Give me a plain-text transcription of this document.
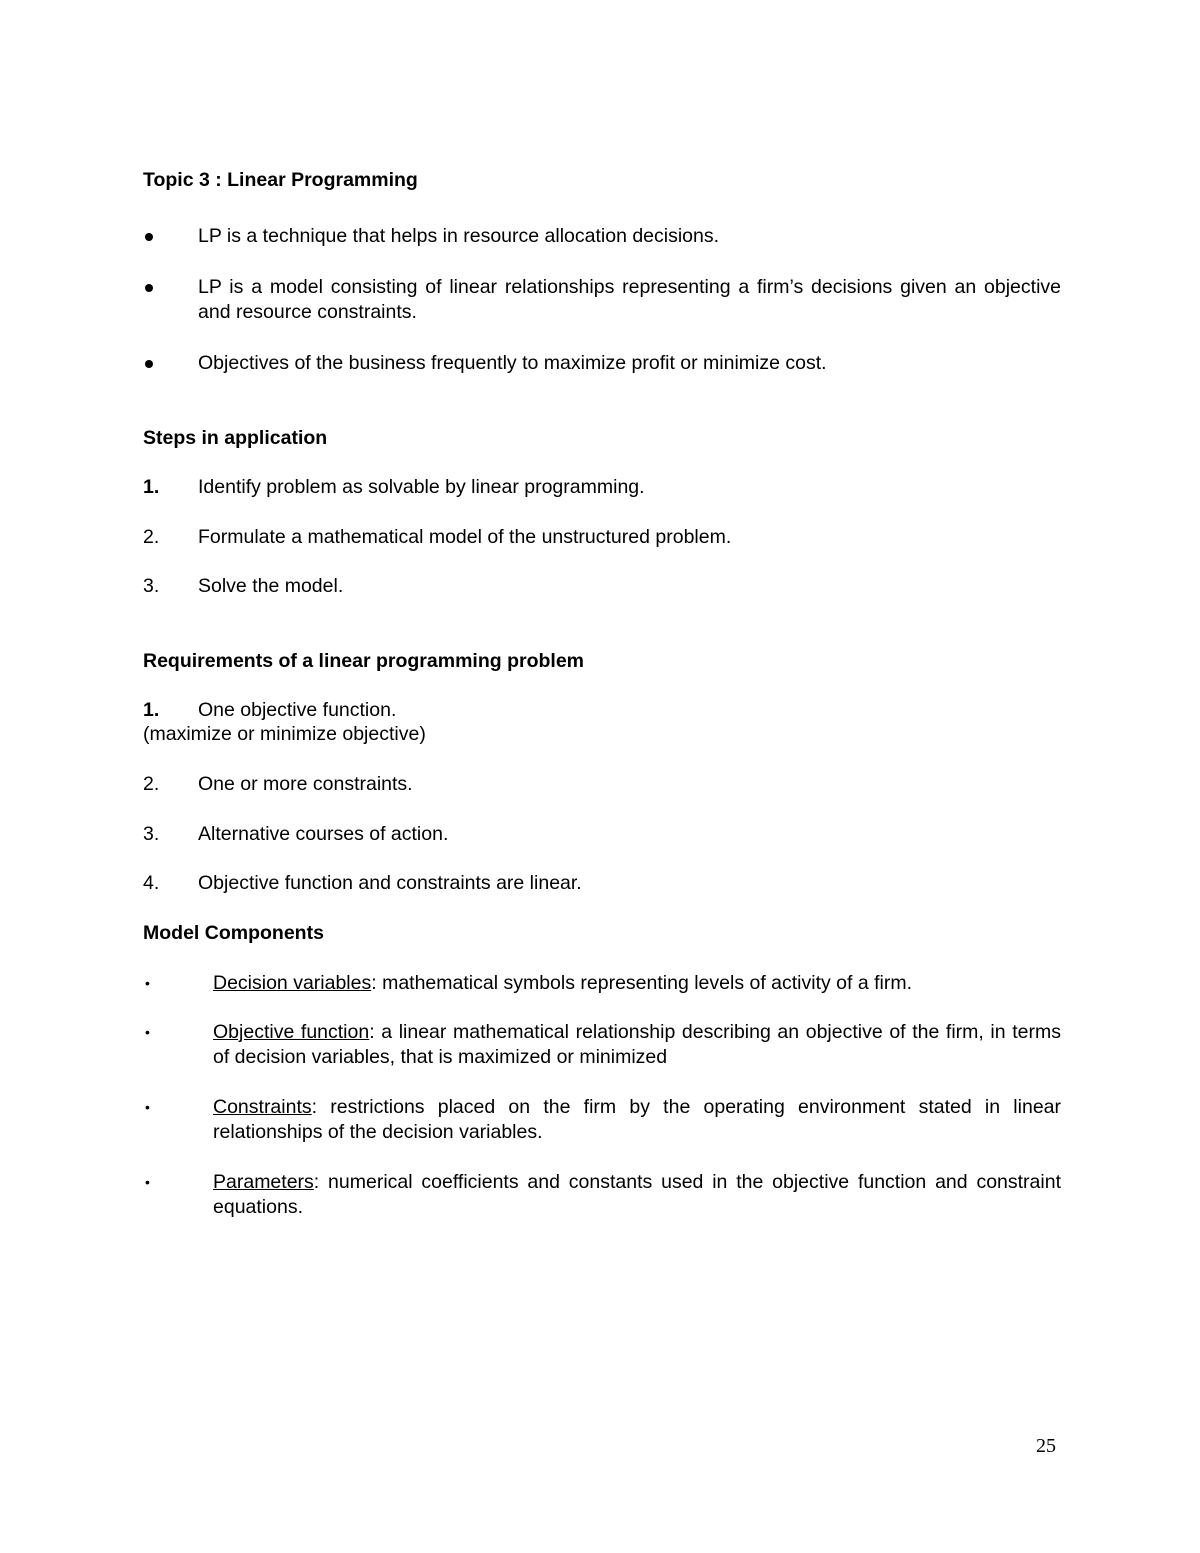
Topic 3 : Linear Programming
LP is a technique that helps in resource allocation decisions.
LP is a model consisting of linear relationships representing a firm’s decisions given an objective and resource constraints.
Objectives of the business frequently to maximize profit or minimize cost.
Steps in application
1. Identify problem as solvable by linear programming.
2. Formulate a mathematical model of the unstructured problem.
3. Solve the model.
Requirements of a linear programming problem
1. One objective function.
(maximize or minimize objective)
2. One or more constraints.
3. Alternative courses of action.
4. Objective function and constraints are linear.
Model Components
•	Decision variables: mathematical symbols representing levels of activity of a firm.
•	Objective function: a linear mathematical relationship describing an objective of the firm, in terms of decision variables, that is maximized or minimized
•	Constraints: restrictions placed on the firm by the operating environment stated in linear relationships of the decision variables.
•	Parameters: numerical coefficients and constants used in the objective function and constraint equations.
25
